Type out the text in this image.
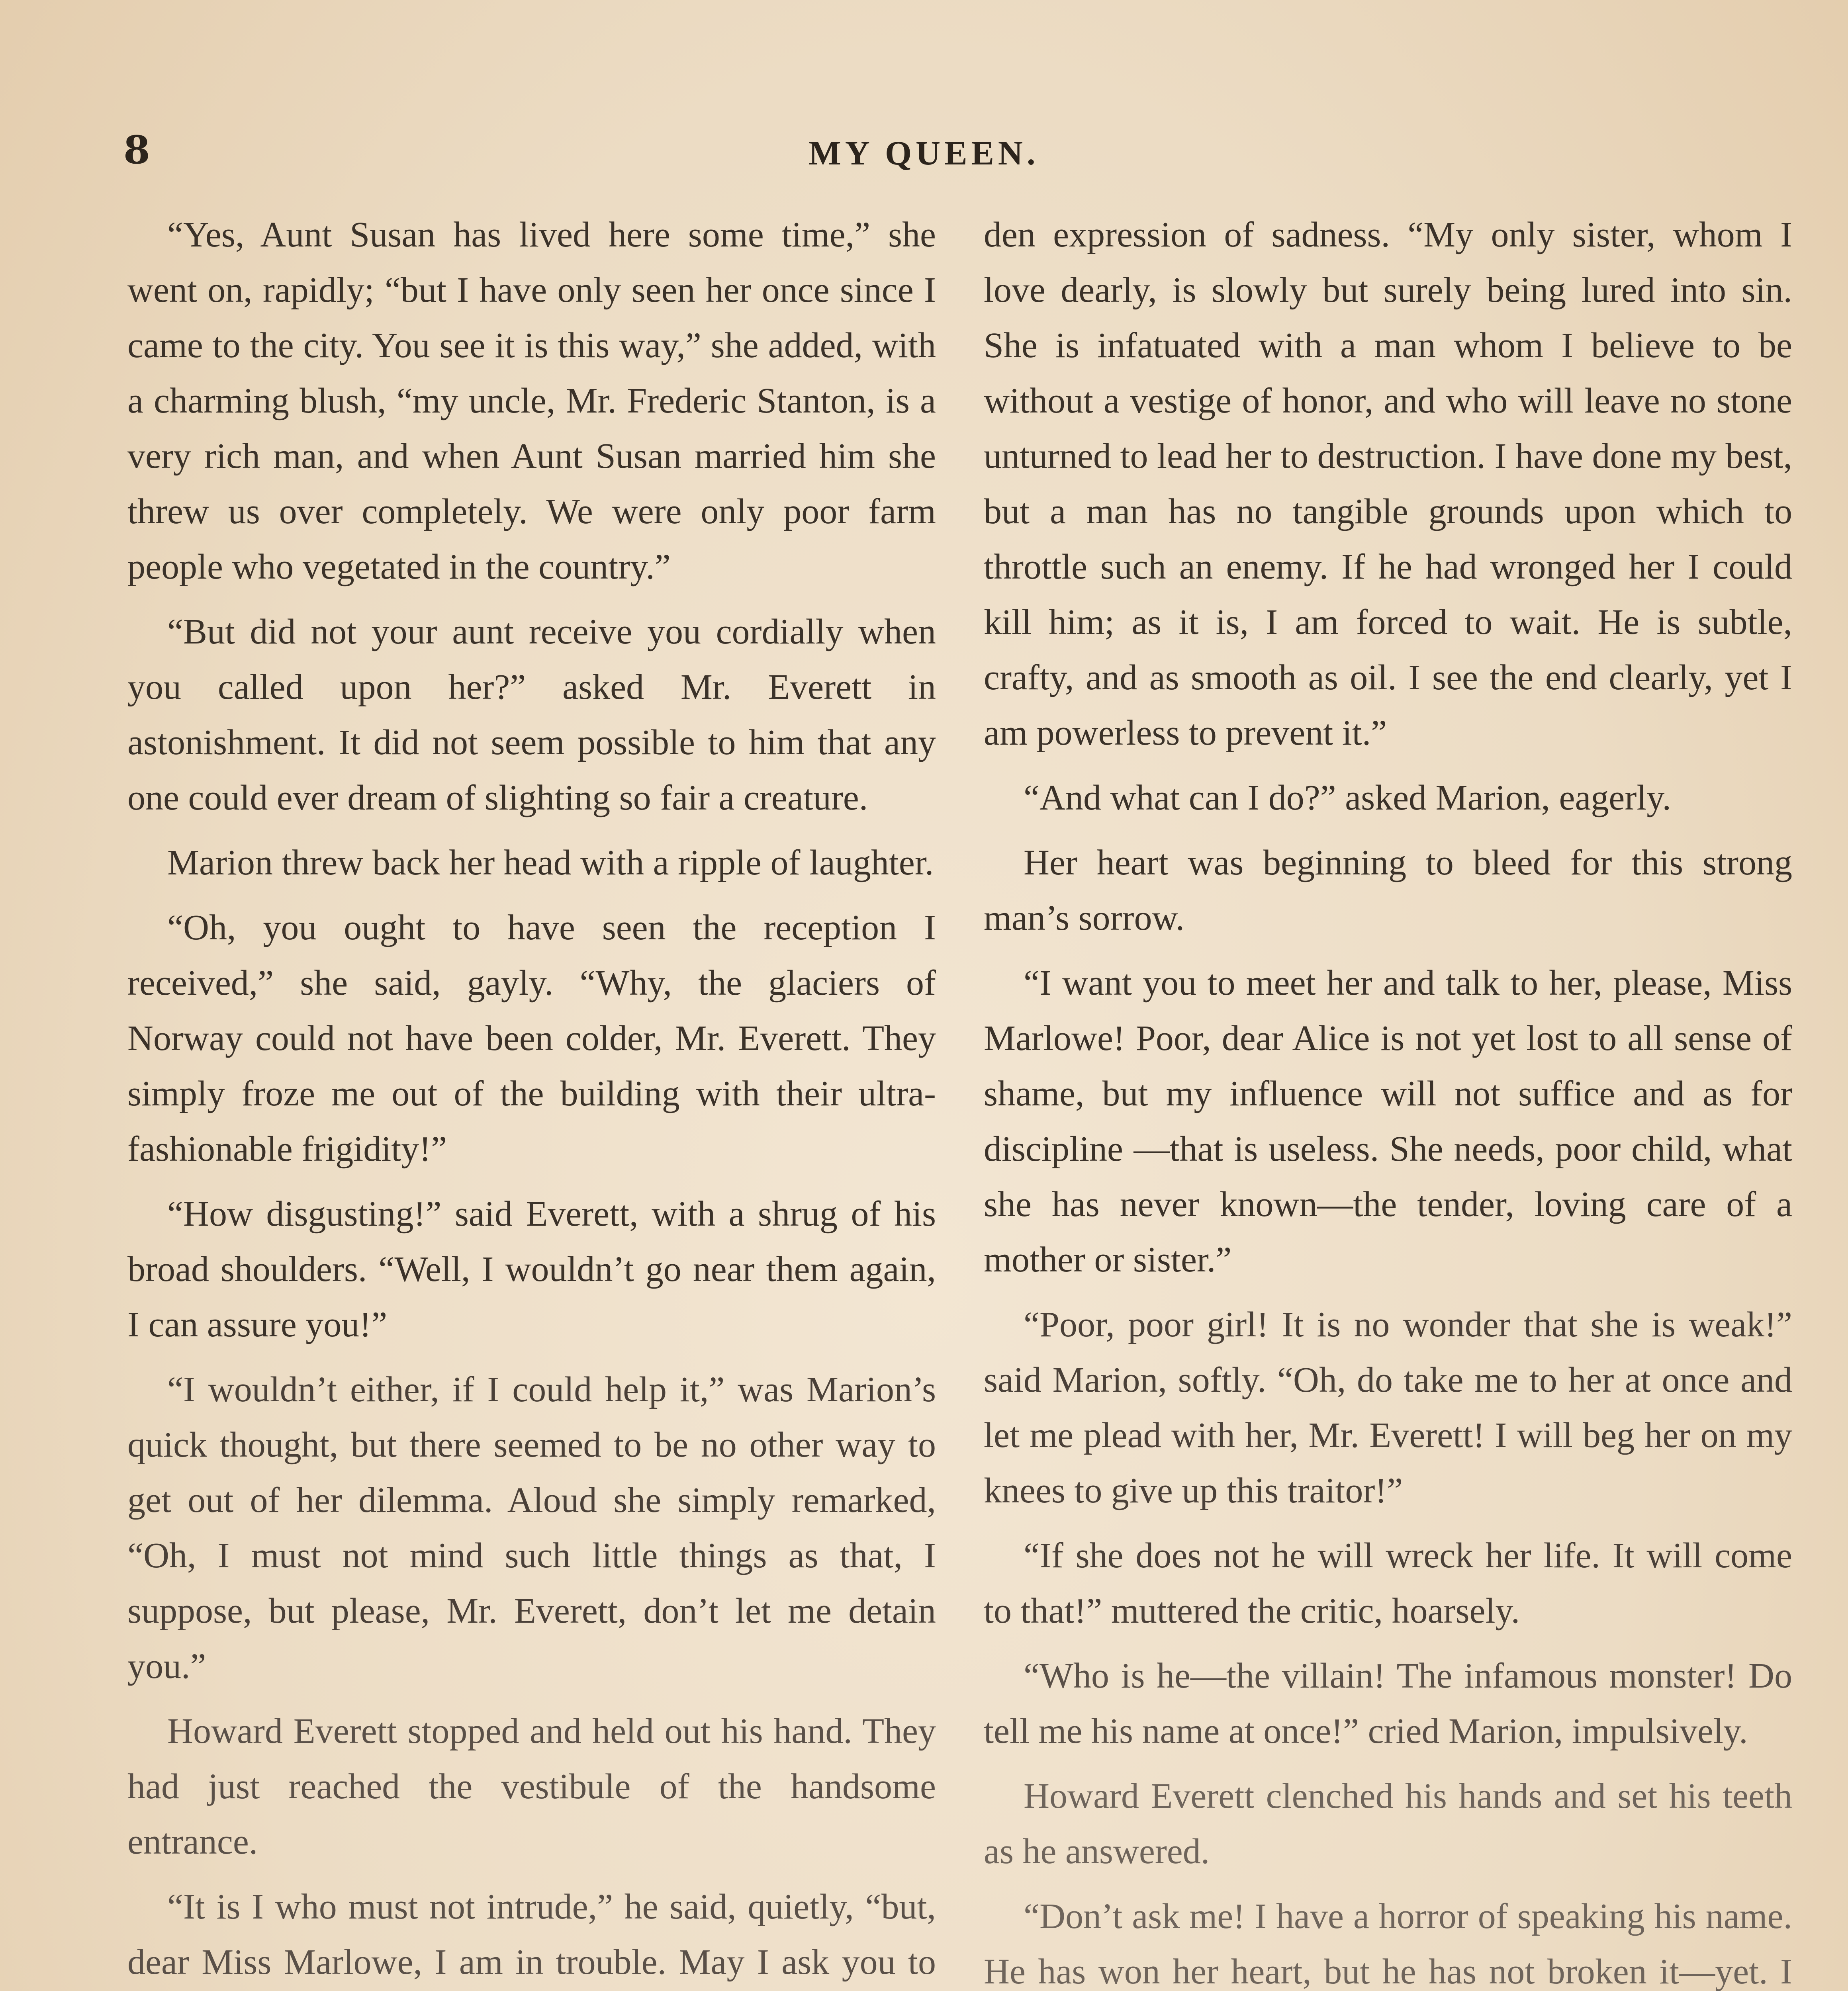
8	MY QUEEN.

“Yes, Aunt Susan has lived here some time,” she went on, rapidly; “but I have only seen her once since I came to the city. You see it is this way,” she added, with a charming blush, “my uncle, Mr. Frederic Stanton, is a very rich man, and when Aunt Susan married him she threw us over completely. We were only poor farm people who vegetated in the country.”

“But did not your aunt receive you cordially when you called upon her?” asked Mr. Everett in astonishment. It did not seem possible to him that any one could ever dream of slighting so fair a creature.

Marion threw back her head with a ripple of laughter.

“Oh, you ought to have seen the reception I received,” she said, gayly. “Why, the glaciers of Norway could not have been colder, Mr. Everett. They simply froze me out of the building with their ultra-fashionable frigidity!”

“How disgusting!” said Everett, with a shrug of his broad shoulders. “Well, I wouldn’t go near them again, I can assure you!”

“I wouldn’t either, if I could help it,” was Marion’s quick thought, but there seemed to be no other way to get out of her dilemma. Aloud she simply remarked, “Oh, I must not mind such little things as that, I suppose, but please, Mr. Everett, don’t let me detain you.”

Howard Everett stopped and held out his hand. They had just reached the vestibule of the handsome entrance.

“It is I who must not intrude,” he said, quietly, “but, dear Miss Marlowe, I am in trouble. May I ask you to

den expression of sadness. “My only sister, whom I love dearly, is slowly but surely being lured into sin. She is infatuated with a man whom I believe to be without a vestige of honor, and who will leave no stone unturned to lead her to destruction. I have done my best, but a man has no tangible grounds upon which to throttle such an enemy. If he had wronged her I could kill him; as it is, I am forced to wait. He is subtle, crafty, and as smooth as oil. I see the end clearly, yet I am powerless to prevent it.”

“And what can I do?” asked Marion, eagerly.

Her heart was beginning to bleed for this strong man’s sorrow.

“I want you to meet her and talk to her, please, Miss Marlowe! Poor, dear Alice is not yet lost to all sense of shame, but my influence will not suffice and as for discipline —that is useless. She needs, poor child, what she has never known—the tender, loving care of a mother or sister.”

“Poor, poor girl! It is no wonder that she is weak!” said Marion, softly. “Oh, do take me to her at once and let me plead with her, Mr. Everett! I will beg her on my knees to give up this traitor!”

“If she does not he will wreck her life. It will come to that!” muttered the critic, hoarsely.

“Who is he—the villain! The infamous monster! Do tell me his name at once!” cried Marion, impulsively.

Howard Everett clenched his hands and set his teeth as he answered.

“Don’t ask me! I have a horror of speaking his name. He has won her heart, but he has not broken it—yet. I
